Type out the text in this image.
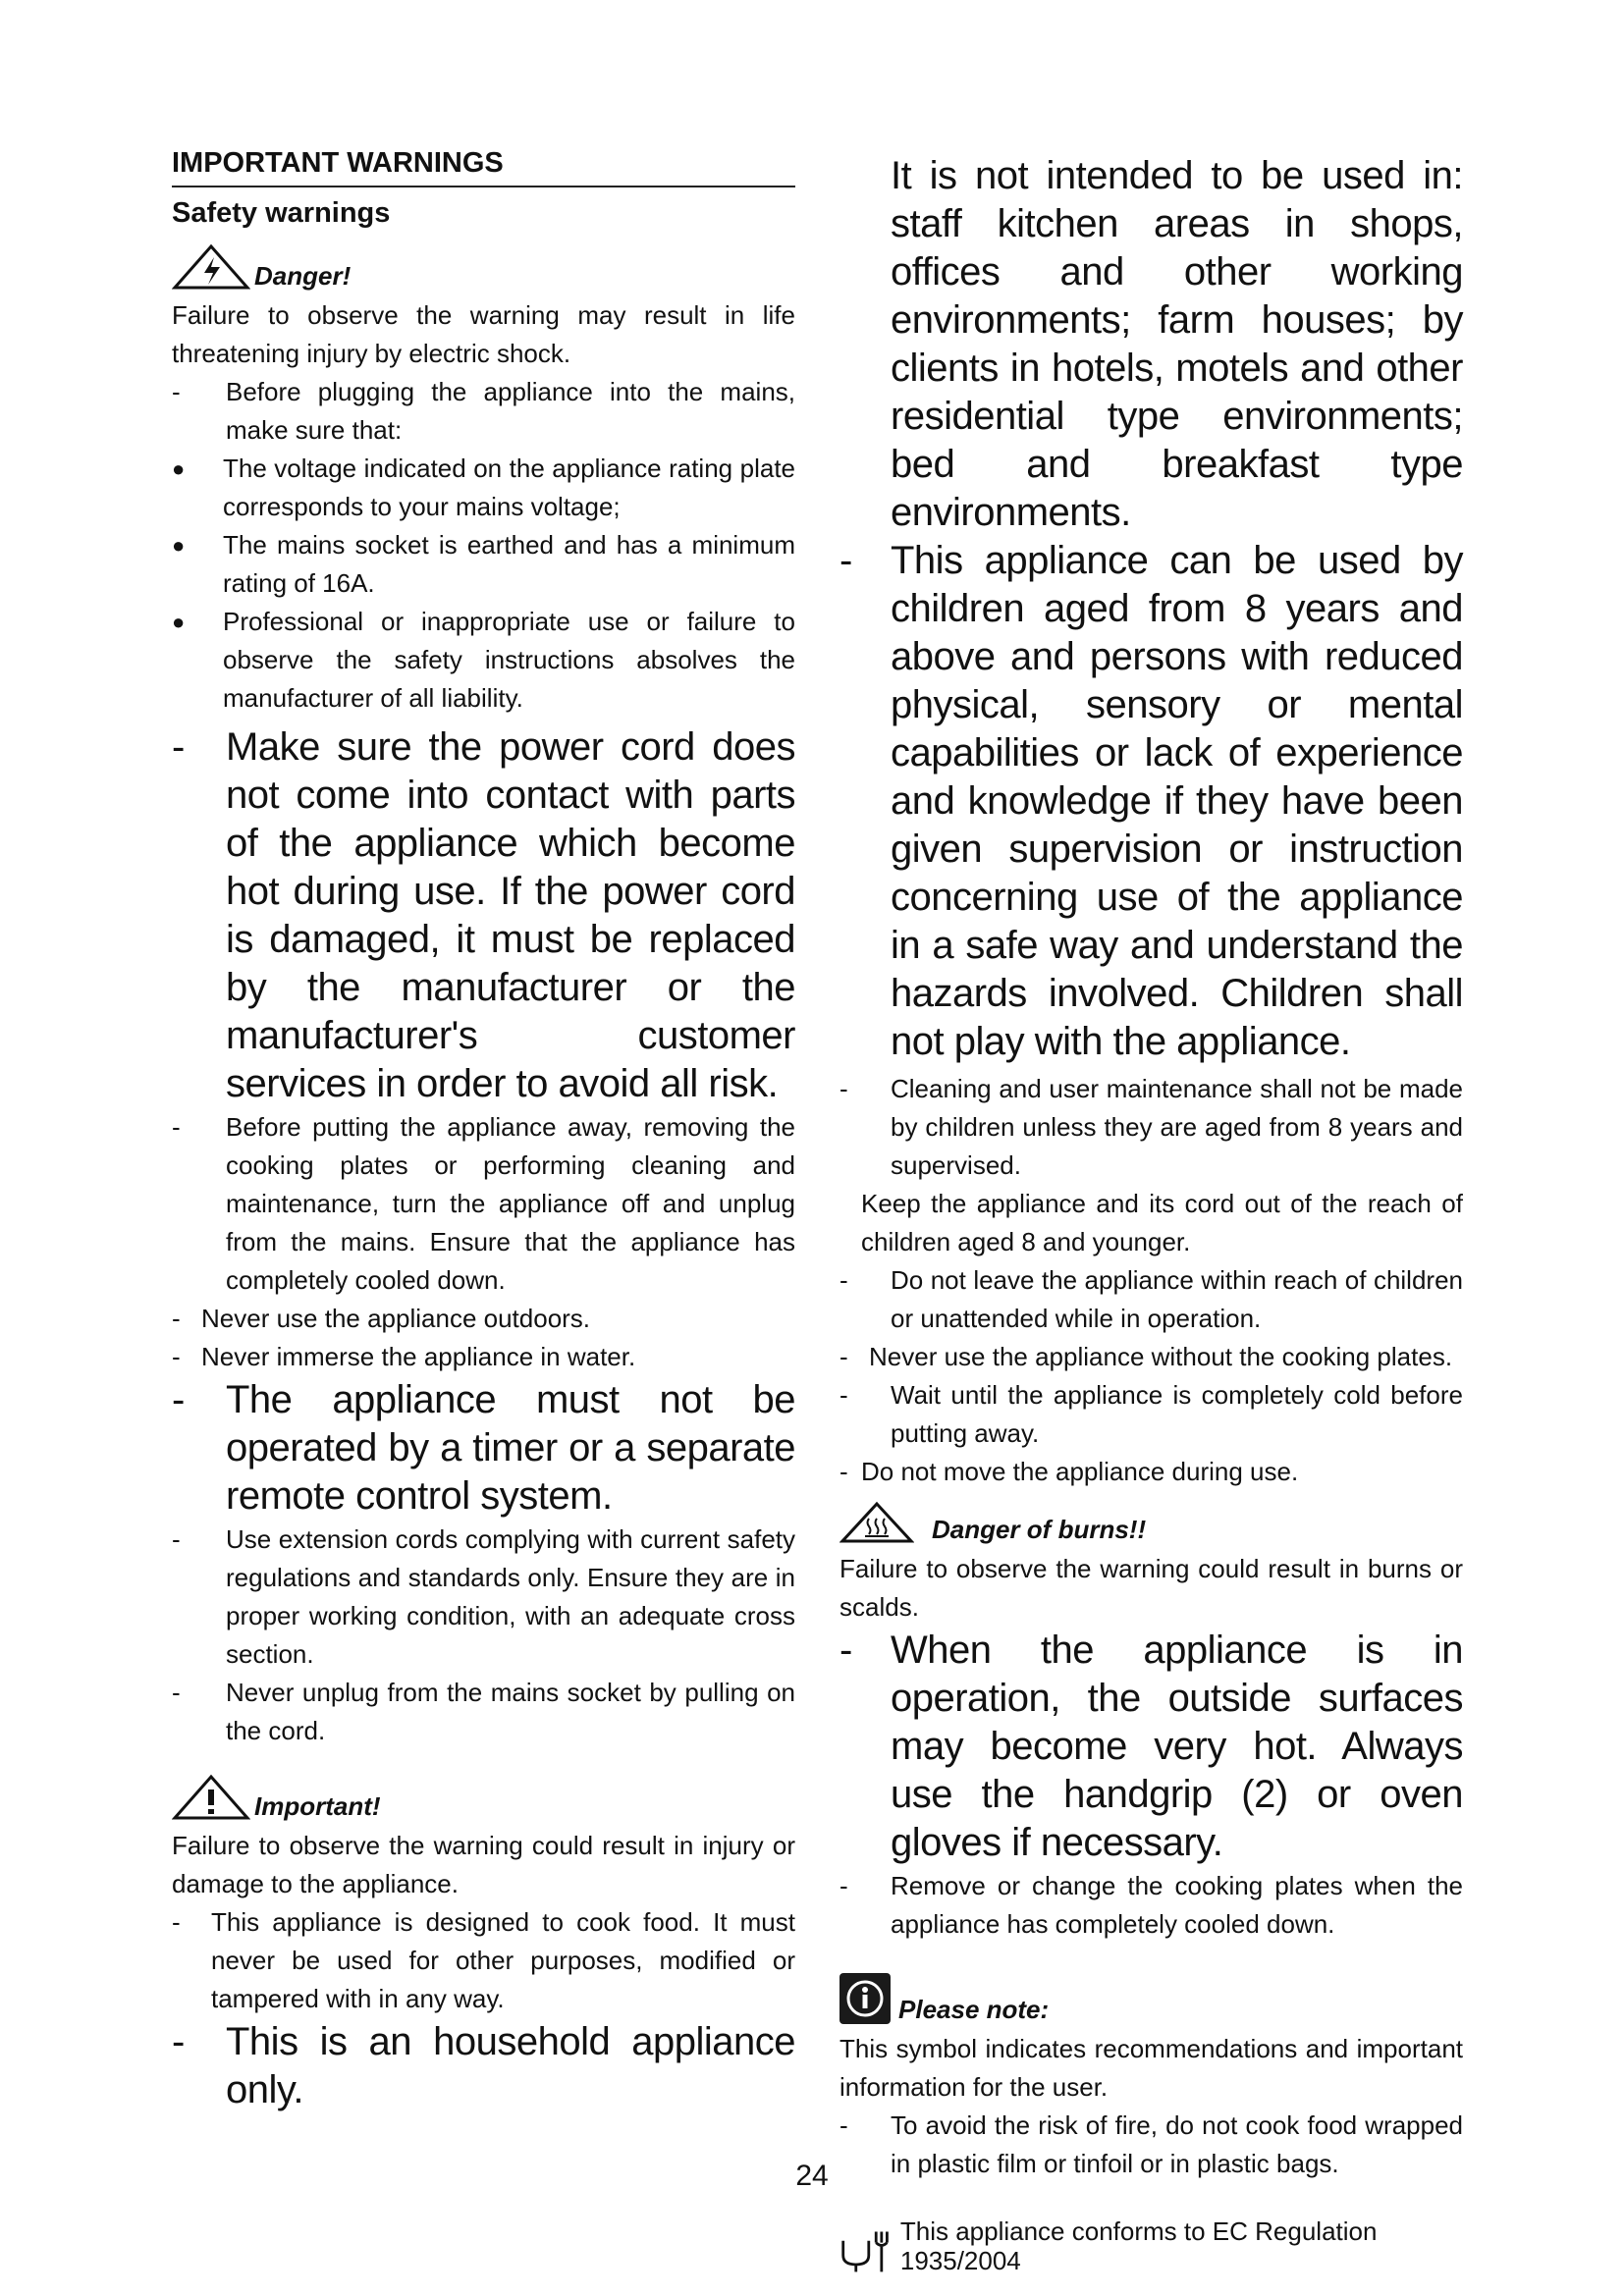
IMPORTANT WARNINGS
Safety warnings
Danger!

Failure to observe the warning may result in life threatening injury by electric shock.

- Before plugging the appliance into the mains, make sure that:
● The voltage indicated on the appliance rating plate corresponds to your mains voltage;
● The mains socket is earthed and has a minimum rating of 16A.
● Professional or inappropriate use or failure to observe the safety instructions absolves the manufacturer of all liability.
- Make sure the power cord does not come into contact with parts of the appliance which become hot during use. If the power cord is damaged, it must be replaced by the manufacturer or the manufacturer's customer services in order to avoid all risk.
- Before putting the appliance away, removing the cooking plates or performing cleaning and maintenance, turn the appliance off and unplug from the mains. Ensure that the appliance has completely cooled down.
- Never use the appliance outdoors.
- Never immerse the appliance in water.
- The appliance must not be operated by a timer or a separate remote control system.
- Use extension cords complying with current safety regulations and standards only. Ensure they are in proper working condition, with an adequate cross section.
- Never unplug from the mains socket by pulling on the cord.
Important!

Failure to observe the warning could result in injury or damage to the appliance.

- This appliance is designed to cook food. It must never be used for other purposes, modified or tampered with in any way.
- This is an household appliance only.

It is not intended to be used in: staff kitchen areas in shops, offices and other working environments; farm houses; by clients in hotels, motels and other residential type environments; bed and breakfast type environments.

- This appliance can be used by children aged from 8 years and above and persons with reduced physical, sensory or mental capabilities or lack of experience and knowledge if they have been given supervision or instruction concerning use of the appliance in a safe way and understand the hazards involved. Children shall not play with the appliance.
- Cleaning and user maintenance shall not be made by children unless they are aged from 8 years and supervised.

Keep the appliance and its cord out of the reach of children aged 8 and younger.

- Do not leave the appliance within reach of children or unattended while in operation.
- Never use the appliance without the cooking plates.
- Wait until the appliance is completely cold before putting away.
- Do not move the appliance during use.
Danger of burns!!

Failure to observe the warning could result in burns or scalds.

- When the appliance is in operation, the outside surfaces may become very hot. Always use the handgrip (2) or oven gloves if necessary.
- Remove or change the cooking plates when the appliance has completely cooled down.
Please note:

This symbol indicates recommendations and important information for the user.

- To avoid the risk of fire, do not cook food wrapped in plastic film or tinfoil or in plastic bags.
This appliance conforms to EC Regulation 1935/2004
24
